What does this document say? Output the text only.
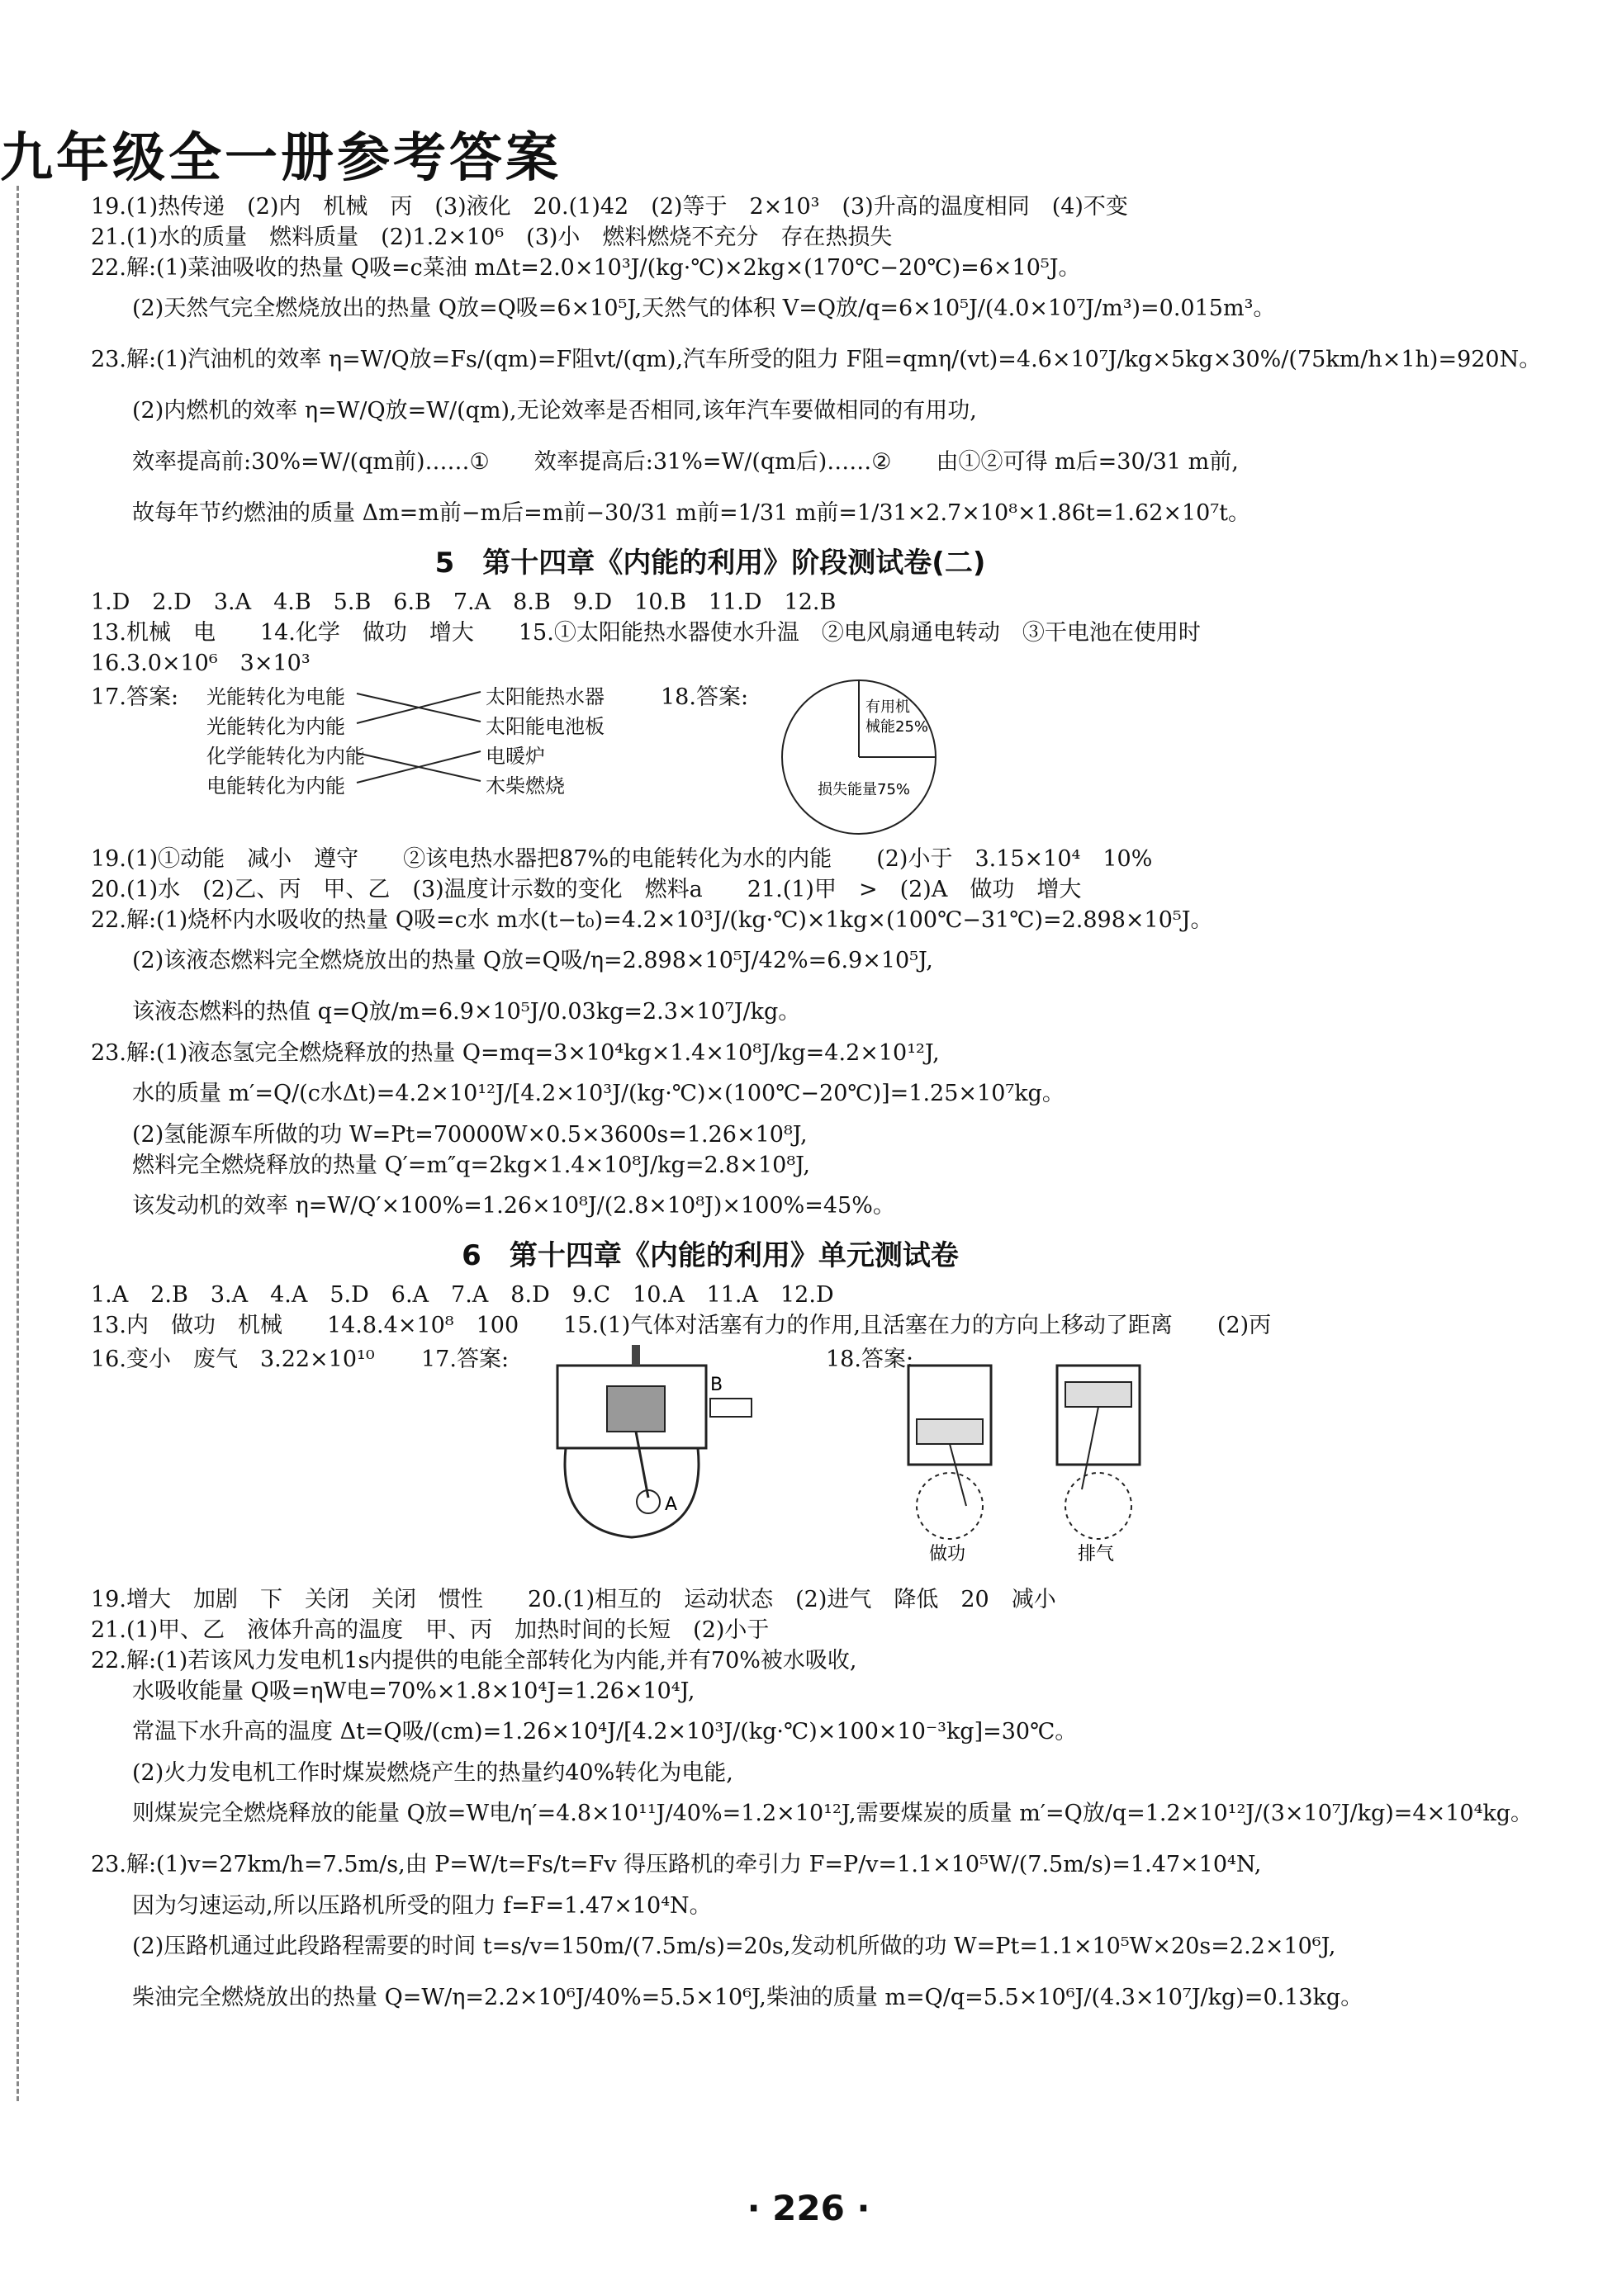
九年级全一册参考答案
19.(1)热传递　(2)内　机械　丙　(3)液化　20.(1)42　(2)等于　2×10³　(3)升高的温度相同　(4)不变
21.(1)水的质量　燃料质量　(2)1.2×10⁶　(3)小　燃料燃烧不充分　存在热损失
22.解:(1)菜油吸收的热量 Q吸=c菜油 mΔt=2.0×10³J/(kg·℃)×2kg×(170℃−20℃)=6×10⁵J。
(2)天然气完全燃烧放出的热量 Q放=Q吸=6×10⁵J,天然气的体积 V=Q放/q=6×10⁵J/(4.0×10⁷J/m³)=0.015m³。
23.解:(1)汽油机的效率 η=W/Q放=Fs/(qm)=F阻vt/(qm),汽车所受的阻力 F阻=qmη/(vt)=4.6×10⁷J/kg×5kg×30%/(75km/h×1h)=920N。
(2)内燃机的效率 η=W/Q放=W/(qm),无论效率是否相同,该年汽车要做相同的有用功,
效率提高前:30%=W/(qm前)……①　　效率提高后:31%=W/(qm后)……②　　由①②可得 m后=30/31 m前,
故每年节约燃油的质量 Δm=m前−m后=m前−30/31 m前=1/31 m前=1/31×2.7×10⁸×1.86t=1.62×10⁷t。
5　第十四章《内能的利用》阶段测试卷(二)
1.D　2.D　3.A　4.B　5.B　6.B　7.A　8.B　9.D　10.B　11.D　12.B
13.机械　电　　14.化学　做功　增大　　15.①太阳能热水器使水升温　②电风扇通电转动　③干电池在使用时
16.3.0×10⁶　3×10³
17.答案: 光能转化为电能
光能转化为内能
化学能转化为内能
电能转化为内能
太阳能热水器
太阳能电池板
电暖炉
木柴燃烧
18.答案:	有用机械能25%
损失能量75%
19.(1)①动能　减小　遵守　　②该电热水器把87%的电能转化为水的内能　　(2)小于　3.15×10⁴　10%
20.(1)水　(2)乙、丙　甲、乙　(3)温度计示数的变化　燃料a　　21.(1)甲　>　(2)A　做功　增大
22.解:(1)烧杯内水吸收的热量 Q吸=c水 m水(t−t₀)=4.2×10³J/(kg·℃)×1kg×(100℃−31℃)=2.898×10⁵J。
(2)该液态燃料完全燃烧放出的热量 Q放=Q吸/η=2.898×10⁵J/42%=6.9×10⁵J,
该液态燃料的热值 q=Q放/m=6.9×10⁵J/0.03kg=2.3×10⁷J/kg。
23.解:(1)液态氢完全燃烧释放的热量 Q=mq=3×10⁴kg×1.4×10⁸J/kg=4.2×10¹²J,
水的质量 m′=Q/(c水Δt)=4.2×10¹²J/[4.2×10³J/(kg·℃)×(100℃−20℃)]=1.25×10⁷kg。
(2)氢能源车所做的功 W=Pt=70000W×0.5×3600s=1.26×10⁸J,
燃料完全燃烧释放的热量 Q′=m″q=2kg×1.4×10⁸J/kg=2.8×10⁸J,
该发动机的效率 η=W/Q′×100%=1.26×10⁸J/(2.8×10⁸J)×100%=45%。
6　第十四章《内能的利用》单元测试卷
1.A　2.B　3.A　4.A　5.D　6.A　7.A　8.D　9.C　10.A　11.A　12.D
13.内　做功　机械　　14.8.4×10⁸　100　　15.(1)气体对活塞有力的作用,且活塞在力的方向上移动了距离　　(2)丙
16.变小　废气　3.22×10¹⁰ 17.答案:
B
A
18.答案:
做功	排气
19.增大　加剧　下　关闭　关闭　惯性　　20.(1)相互的　运动状态　(2)进气　降低　20　减小
21.(1)甲、乙　液体升高的温度　甲、丙　加热时间的长短　(2)小于
22.解:(1)若该风力发电机1s内提供的电能全部转化为内能,并有70%被水吸收,
水吸收能量 Q吸=ηW电=70%×1.8×10⁴J=1.26×10⁴J,
常温下水升高的温度 Δt=Q吸/(cm)=1.26×10⁴J/[4.2×10³J/(kg·℃)×100×10⁻³kg]=30℃。
(2)火力发电机工作时煤炭燃烧产生的热量约40%转化为电能,
则煤炭完全燃烧释放的能量 Q放=W电/η′=4.8×10¹¹J/40%=1.2×10¹²J,需要煤炭的质量 m′=Q放/q=1.2×10¹²J/(3×10⁷J/kg)=4×10⁴kg。
23.解:(1)v=27km/h=7.5m/s,由 P=W/t=Fs/t=Fv 得压路机的牵引力 F=P/v=1.1×10⁵W/(7.5m/s)=1.47×10⁴N,
因为匀速运动,所以压路机所受的阻力 f=F=1.47×10⁴N。
(2)压路机通过此段路程需要的时间 t=s/v=150m/(7.5m/s)=20s,发动机所做的功 W=Pt=1.1×10⁵W×20s=2.2×10⁶J,
柴油完全燃烧放出的热量 Q=W/η=2.2×10⁶J/40%=5.5×10⁶J,柴油的质量 m=Q/q=5.5×10⁶J/(4.3×10⁷J/kg)=0.13kg。
· 226 ·
